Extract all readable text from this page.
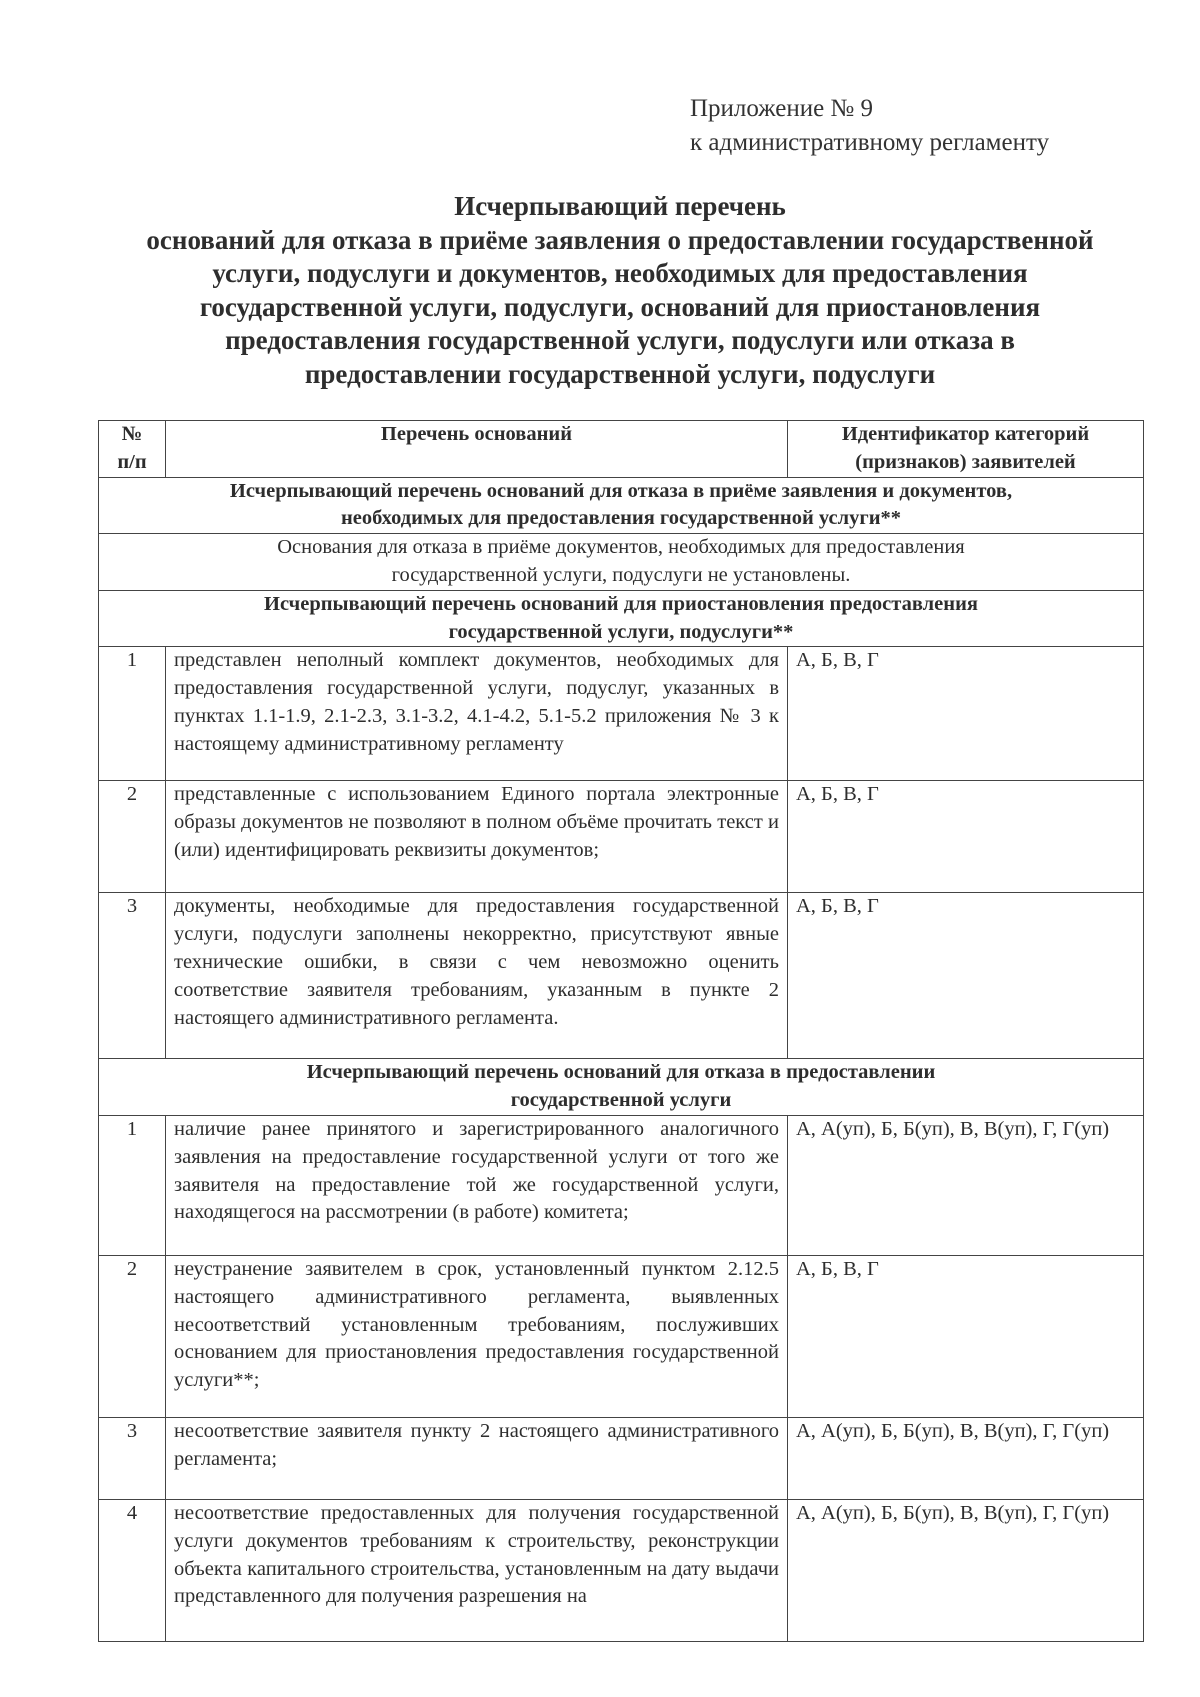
Приложение № 9
к административному регламенту
Исчерпывающий перечень
оснований для отказа в приёме заявления о предоставлении государственной
услуги, подуслуги и документов, необходимых для предоставления
государственной услуги, подуслуги, оснований для приостановления
предоставления государственной услуги, подуслуги или отказа в
предоставлении государственной услуги, подуслуги
№
п/п	Перечень оснований	Идентификатор категорий
(признаков) заявителей
Исчерпывающий перечень оснований для отказа в приёме заявления и документов,
необходимых для предоставления государственной услуги**		
Основания для отказа в приёме документов, необходимых для предоставления
государственной услуги, подуслуги не установлены.		
Исчерпывающий перечень оснований для приостановления предоставления
государственной услуги, подуслуги**		
1	представлен неполный комплект документов, необходимых для предоставления государственной услуги, подуслуг, указанных в пунктах 1.1-1.9, 2.1-2.3, 3.1-3.2, 4.1-4.2, 5.1-5.2 приложения № 3 к настоящему административному регламенту	А, Б, В, Г
2	представленные с использованием Единого портала электронные образы документов не позволяют в полном объёме прочитать текст и (или) идентифицировать реквизиты документов;	А, Б, В, Г
3	документы, необходимые для предоставления государственной услуги, подуслуги заполнены некорректно, присутствуют явные технические ошибки, в связи с чем невозможно оценить соответствие заявителя требованиям, указанным в пункте 2 настоящего административного регламента.	А, Б, В, Г
Исчерпывающий перечень оснований для отказа в предоставлении
государственной услуги		
1	наличие ранее принятого и зарегистрированного аналогичного заявления на предоставление государственной услуги от того же заявителя на предоставление той же государственной услуги, находящегося на рассмотрении (в работе) комитета;	А, А(уп), Б, Б(уп), В, В(уп), Г, Г(уп)
2	неустранение заявителем в срок, установленный пунктом 2.12.5 настоящего административного регламента, выявленных несоответствий установленным требованиям, послуживших основанием для приостановления предоставления государственной услуги**;	А, Б, В, Г
3	несоответствие заявителя пункту 2 настоящего административного регламента;	А, А(уп), Б, Б(уп), В, В(уп), Г, Г(уп)
4	несоответствие предоставленных для получения государственной услуги документов требованиям к строительству, реконструкции объекта капитального строительства, установленным на дату выдачи представленного для получения разрешения на	А, А(уп), Б, Б(уп), В, В(уп), Г, Г(уп)
